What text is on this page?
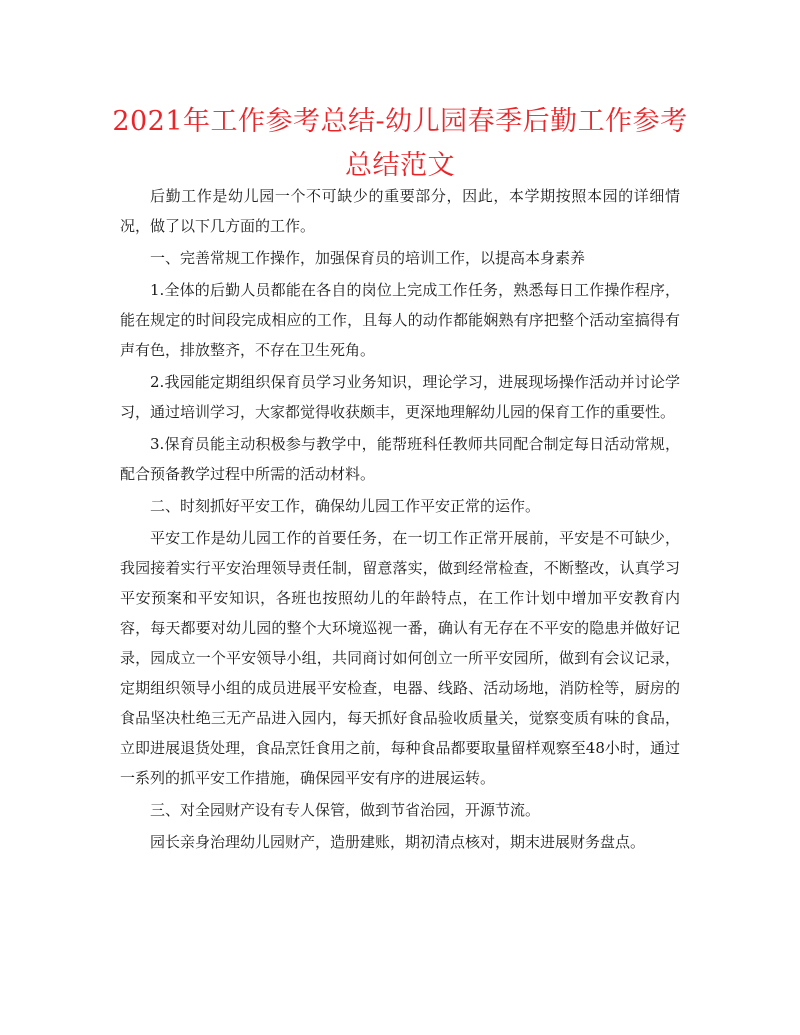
2021年工作参考总结-幼儿园春季后勤工作参考总结范文

后勤工作是幼儿园一个不可缺少的重要部分，因此，本学期按照本园的详细情况，做了以下几方面的工作。

一、完善常规工作操作，加强保育员的培训工作，以提高本身素养

1.全体的后勤人员都能在各自的岗位上完成工作任务，熟悉每日工作操作程序，能在规定的时间段完成相应的工作，且每人的动作都能娴熟有序把整个活动室搞得有声有色，排放整齐，不存在卫生死角。

2.我园能定期组织保育员学习业务知识，理论学习，进展现场操作活动并讨论学习，通过培训学习，大家都觉得收获颇丰，更深地理解幼儿园的保育工作的重要性。

3.保育员能主动积极参与教学中，能帮班科任教师共同配合制定每日活动常规，配合预备教学过程中所需的活动材料。

二、时刻抓好平安工作，确保幼儿园工作平安正常的运作。

平安工作是幼儿园工作的首要任务，在一切工作正常开展前，平安是不可缺少，我园接着实行平安治理领导责任制，留意落实，做到经常检查，不断整改，认真学习平安预案和平安知识，各班也按照幼儿的年龄特点，在工作计划中增加平安教育内容，每天都要对幼儿园的整个大环境巡视一番，确认有无存在不平安的隐患并做好记录，园成立一个平安领导小组，共同商讨如何创立一所平安园所，做到有会议记录，定期组织领导小组的成员进展平安检查，电器、线路、活动场地，消防栓等，厨房的食品坚决杜绝三无产品进入园内，每天抓好食品验收质量关，觉察变质有味的食品，立即进展退货处理，食品烹饪食用之前，每种食品都要取量留样观察至48小时，通过一系列的抓平安工作措施，确保园平安有序的进展运转。

三、对全园财产设有专人保管，做到节省治园，开源节流。

园长亲身治理幼儿园财产，造册建账，期初清点核对，期末进展财务盘点。
